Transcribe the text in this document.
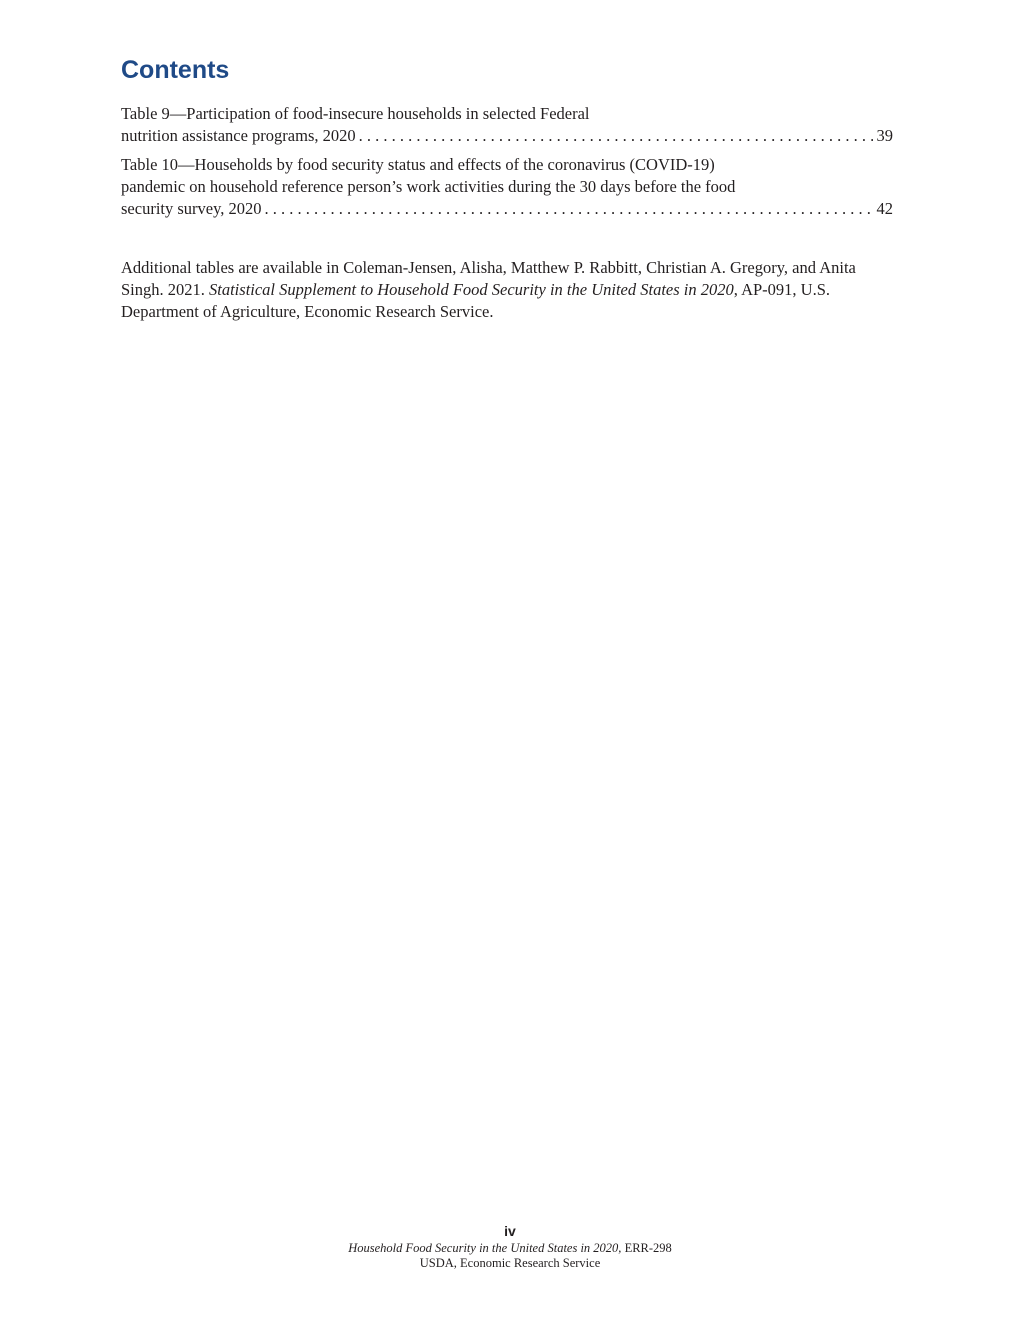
Contents
Table 9—Participation of food-insecure households in selected Federal
nutrition assistance programs, 2020 . . .	39
Table 10—Households by food security status and effects of the coronavirus (COVID-19)
pandemic on household reference person’s work activities during the 30 days before the food
security survey, 2020 . . .	42

Additional tables are available in Coleman-Jensen, Alisha, Matthew P. Rabbitt, Christian A. Gregory, and Anita Singh. 2021. Statistical Supplement to Household Food Security in the United States in 2020, AP-091, U.S. Department of Agriculture, Economic Research Service.

iv
Household Food Security in the United States in 2020, ERR-298
USDA, Economic Research Service
